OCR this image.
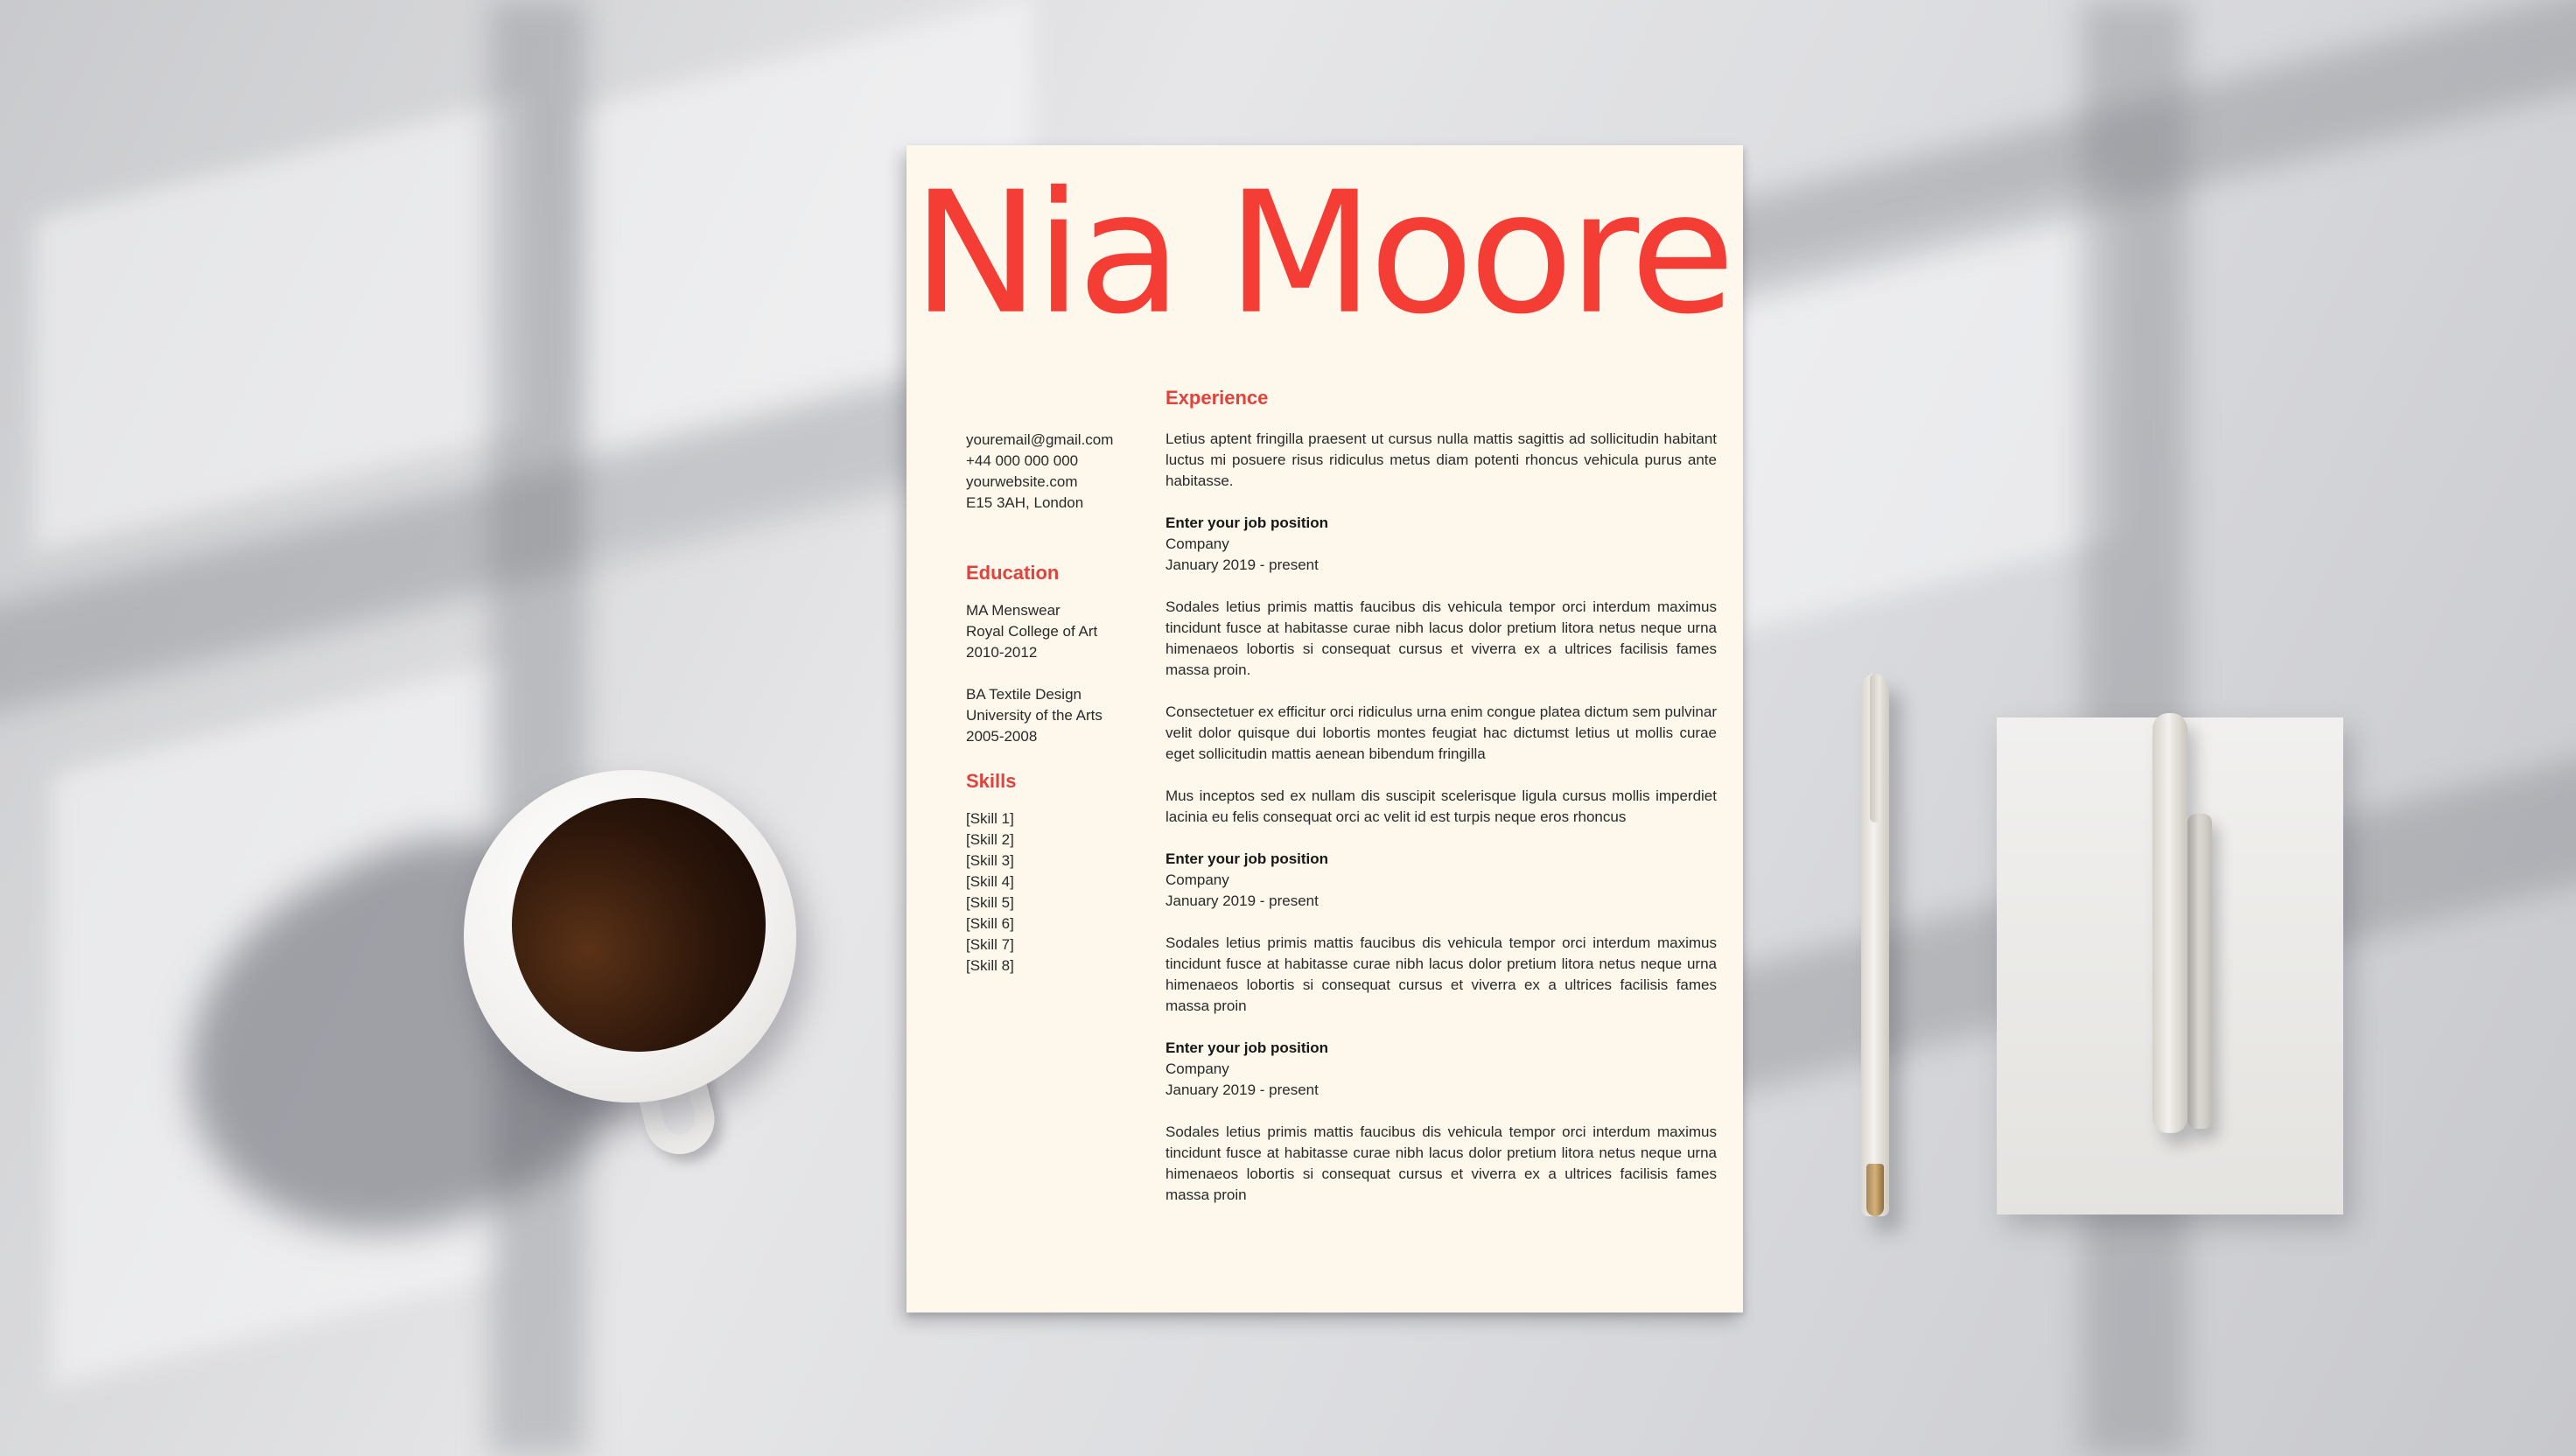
Nia Moore

youremail@gmail.com

+44 000 000 000

yourwebsite.com

E15 3AH, London

Education

MA Menswear

Royal College of Art

2010-2012

BA Textile Design

University of the Arts

2005-2008

Skills

[Skill 1]

[Skill 2]

[Skill 3]

[Skill 4]

[Skill 5]

[Skill 6]

[Skill 7]

[Skill 8]

Experience

Letius aptent fringilla praesent ut cursus nulla mattis sagittis ad sollicitudin habitant luctus mi posuere risus ridiculus metus diam potenti rhoncus vehicula purus ante habitasse.

Enter your job position

Company

January 2019 - present

Sodales letius primis mattis faucibus dis vehicula tempor orci interdum maximus tincidunt fusce at habitasse curae nibh lacus dolor pretium litora netus neque urna himenaeos lobortis si consequat cursus et viverra ex a ultrices facilisis fames massa proin.

Consectetuer ex efficitur orci ridiculus urna enim congue platea dictum sem pulvinar velit dolor quisque dui lobortis montes feugiat hac dictumst letius ut mollis curae eget sollicitudin mattis aenean bibendum fringilla

Mus inceptos sed ex nullam dis suscipit scelerisque ligula cursus mollis imperdiet lacinia eu felis consequat orci ac velit id est turpis neque eros rhoncus

Enter your job position

Company

January 2019 - present

Sodales letius primis mattis faucibus dis vehicula tempor orci interdum maximus tincidunt fusce at habitasse curae nibh lacus dolor pretium litora netus neque urna himenaeos lobortis si consequat cursus et viverra ex a ultrices facilisis fames massa proin

Enter your job position

Company

January 2019 - present

Sodales letius primis mattis faucibus dis vehicula tempor orci interdum maximus tincidunt fusce at habitasse curae nibh lacus dolor pretium litora netus neque urna himenaeos lobortis si consequat cursus et viverra ex a ultrices facilisis fames massa proin
